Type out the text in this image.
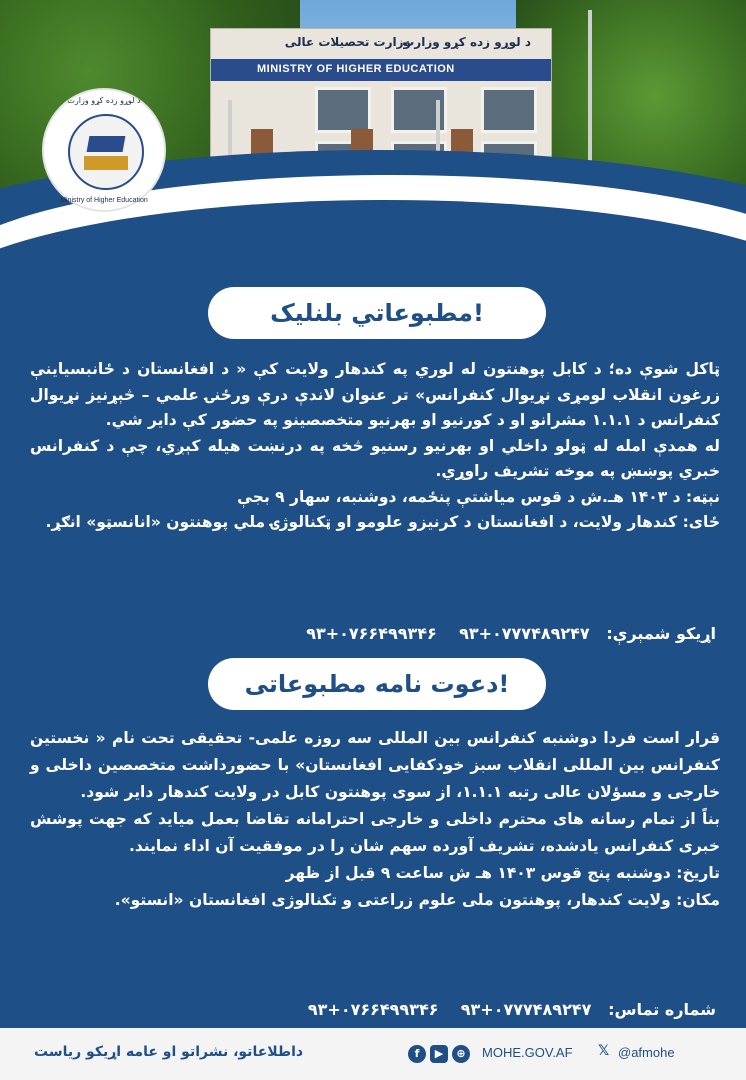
د لوړو زده کړو وزارت
وزارت تحصیلات عالی
MINISTRY OF HIGHER EDUCATION
د لوړو زده کړو وزارت
Ministry of Higher Education
مطبوعاتي بلنليک!

ټاکل شوې ده؛ د کابل پوهنتون له لوري په کندهار ولايت کې « د افغانستان د ځانبسياينې زرغون انقلاب لومړی نړيوال کنفرانس» تر عنوان لاندې درې ورځنۍ علمي – څېړنيز نړيوال کنفرانس د ۱.۱.۱ مشرانو او د کورنيو او بهرنيو متخصصينو په حضور کې داير شي.

له همدې امله له ټولو داخلي او بهرنيو رسنيو څخه په درنښت هيله کېږي، چې د کنفرانس خبري پوښښ په موخه تشريف راوړي.

نېټه: د ۱۴۰۳ هـ.ش د قوس مياشتې پنځمه، دوشنبه، سهار ۹ بجې

ځای: کندهار ولايت، د افغانستان د کرنيزو علومو او ټکنالوژۍ ملي پوهنتون «انانسټو» انګړ.

اړيکو شمېرې:   ۰۷۷۷۴۸۹۲۴۷+۹۳    ۰۷۶۶۴۹۹۳۴۶+۹۳
دعوت نامه مطبوعاتی!

قرار است فردا دوشنبه کنفرانس بين المللی سه روزه علمی- تحقيقی تحت نام « نخستين کنفرانس بين المللی انقلاب سبز خودکفايی افغانستان» با حضورداشت متخصصين داخلی و خارجی و مسؤلان عالی رتبه ۱.۱.۱، از سوی پوهنتون کابل در ولايت کندهار داير شود.

بناً از تمام رسانه های محترم داخلی و خارجی احترامانه تقاضا بعمل مياید که جهت پوشش خبری کنفرانس يادشده، تشريف آورده سهم شان را در موفقيت آن اداء نمايند.

تاريخ: دوشنبه پنج قوس ۱۴۰۳ هـ ش ساعت ۹ قبل از ظهر

مکان: ولايت کندهار، پوهنتون ملی علوم زراعتی و تکنالوژی افغانستان «انستو».

شماره تماس:   ۰۷۷۷۴۸۹۲۴۷+۹۳    ۰۷۶۶۴۹۹۳۴۶+۹۳
داطلاعاتو، نشراتو او عامه اړيکو رياست	f	▶	⊕	MOHE.GOV.AF 𝕏 @afmohe
